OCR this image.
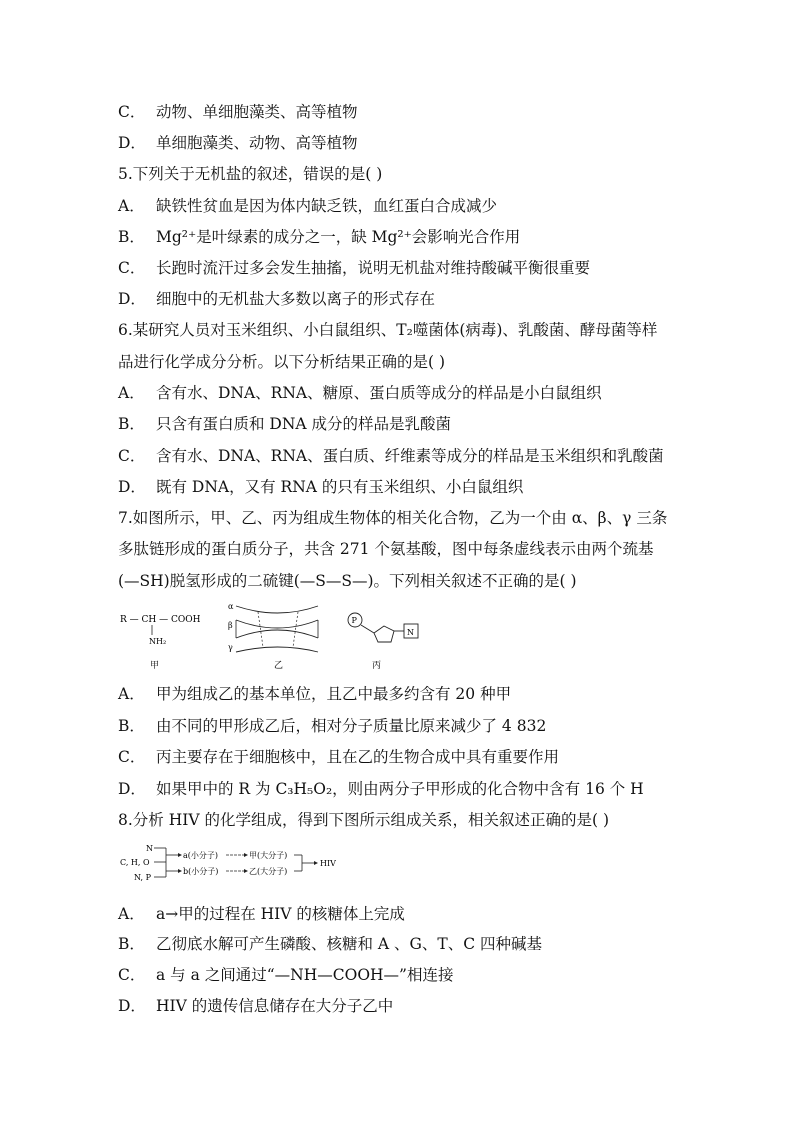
C． 动物、单细胞藻类、高等植物
D． 单细胞藻类、动物、高等植物
5.下列关于无机盐的叙述，错误的是( )
A． 缺铁性贫血是因为体内缺乏铁，血红蛋白合成减少
B． Mg²⁺是叶绿素的成分之一，缺 Mg²⁺会影响光合作用
C． 长跑时流汗过多会发生抽搐，说明无机盐对维持酸碱平衡很重要
D． 细胞中的无机盐大多数以离子的形式存在
6.某研究人员对玉米组织、小白鼠组织、T₂噬菌体(病毒)、乳酸菌、酵母菌等样
品进行化学成分分析。以下分析结果正确的是( )
A． 含有水、DNA、RNA、糖原、蛋白质等成分的样品是小白鼠组织
B． 只含有蛋白质和 DNA 成分的样品是乳酸菌
C． 含有水、DNA、RNA、蛋白质、纤维素等成分的样品是玉米组织和乳酸菌
D． 既有 DNA，又有 RNA 的只有玉米组织、小白鼠组织
7.如图所示，甲、乙、丙为组成生物体的相关化合物，乙为一个由 α、β、γ 三条
多肽链形成的蛋白质分子，共含 271 个氨基酸，图中每条虚线表示由两个巯基
(—SH)脱氢形成的二硫键(—S—S—)。下列相关叙述不正确的是( )
R — CH — COOH
NH₂
甲
α
β
γ
乙
P
N
丙
A． 甲为组成乙的基本单位，且乙中最多约含有 20 种甲
B． 由不同的甲形成乙后，相对分子质量比原来减少了 4 832
C． 丙主要存在于细胞核中，且在乙的生物合成中具有重要作用
D． 如果甲中的 R 为 C₃H₅O₂，则由两分子甲形成的化合物中含有 16 个 H
8.分析 HIV 的化学组成，得到下图所示组成关系，相关叙述正确的是( )
N
C, H, O
N, P
a(小分子)
b(小分子)
甲(大分子)
乙(大分子)
HIV
A． a→甲的过程在 HIV 的核糖体上完成
B． 乙彻底水解可产生磷酸、核糖和 A 、G、T、C 四种碱基
C． a 与 a 之间通过“—NH—COOH—”相连接
D． HIV 的遗传信息储存在大分子乙中
